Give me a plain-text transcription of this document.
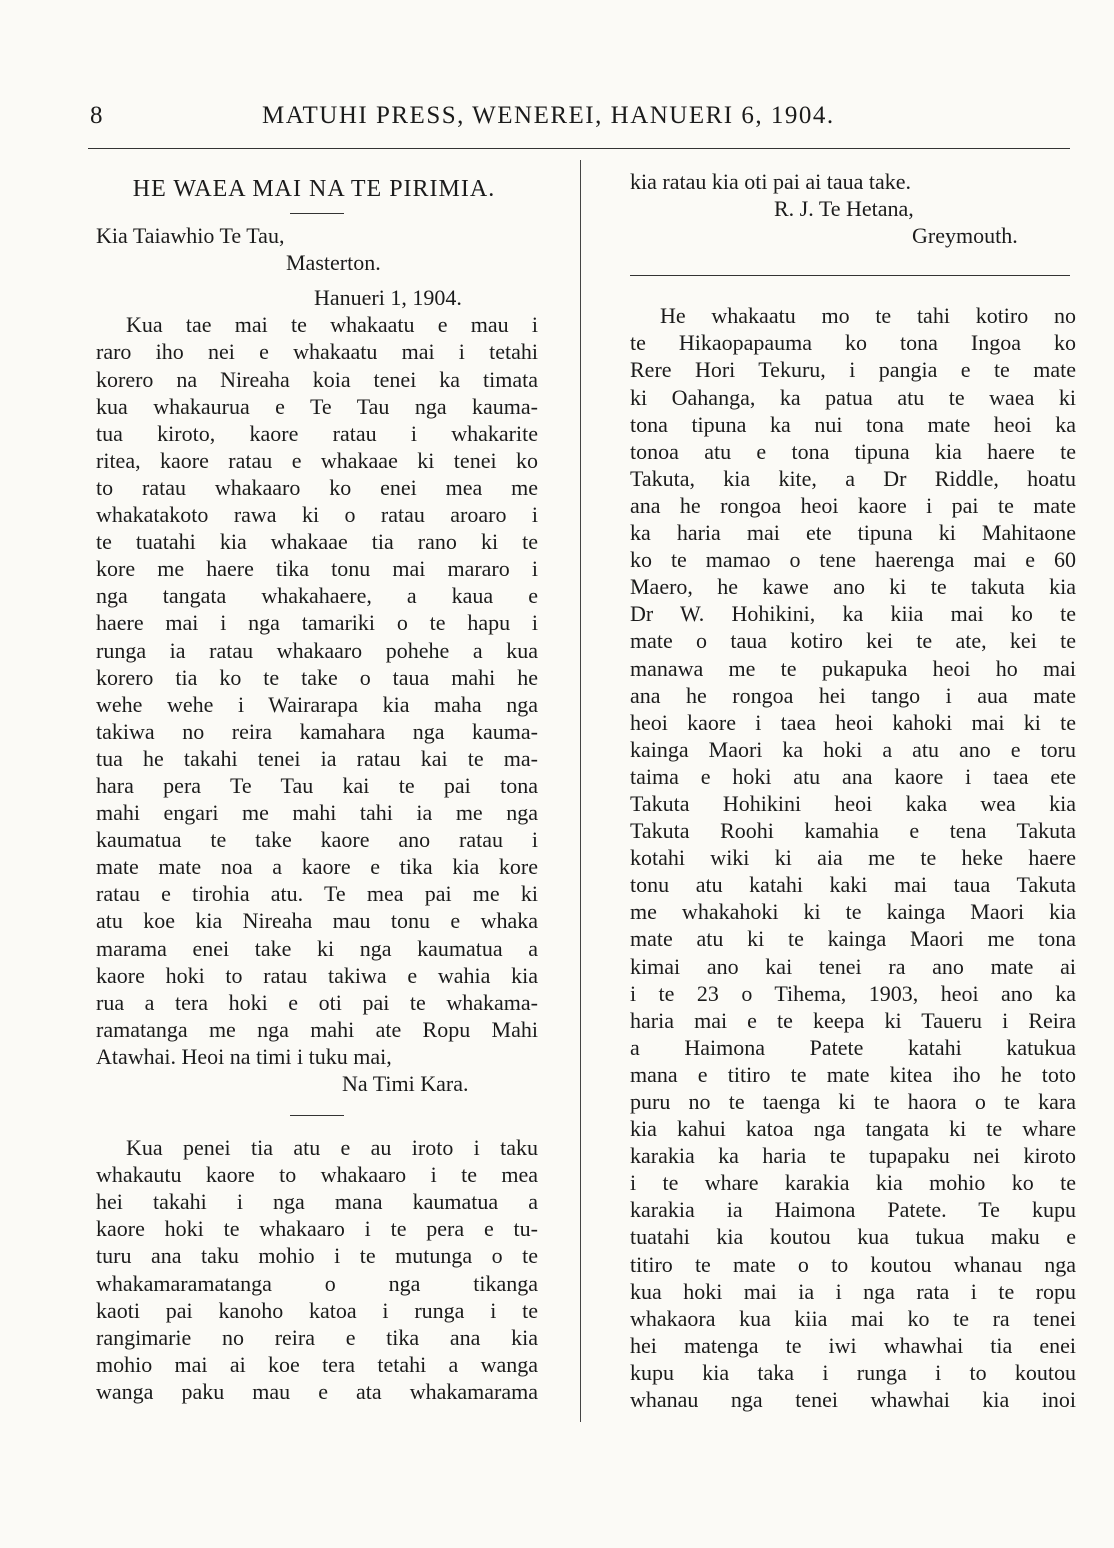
8	MATUHI PRESS, WENEREI, HANUERI 6, 1904.
HE WAEA MAI NA TE PIRIMIA.
Kia Taiawhio Te Tau,
Masterton.
Hanueri 1, 1904.
Kua tae mai te whakaatu e mau i
raro iho nei e whakaatu mai i tetahi
korero na Nireaha koia tenei ka timata
kua whakaurua e Te Tau nga kauma-
tua kiroto, kaore ratau i whakarite
ritea, kaore ratau e whakaae ki tenei ko
to ratau whakaaro ko enei mea me
whakatakoto rawa ki o ratau aroaro i
te tuatahi kia whakaae tia rano ki te
kore me haere tika tonu mai mararo i
nga tangata whakahaere, a kaua e
haere mai i nga tamariki o te hapu i
runga ia ratau whakaaro pohehe a kua
korero tia ko te take o taua mahi he
wehe wehe i Wairarapa kia maha nga
takiwa no reira kamahara nga kauma-
tua he takahi tenei ia ratau kai te ma-
hara pera Te Tau kai te pai tona
mahi engari me mahi tahi ia me nga
kaumatua te take kaore ano ratau i
mate mate noa a kaore e tika kia kore
ratau e tirohia atu. Te mea pai me ki
atu koe kia Nireaha mau tonu e whaka
marama enei take ki nga kaumatua a
kaore hoki to ratau takiwa e wahia kia
rua a tera hoki e oti pai te whakama-
ramatanga me nga mahi ate Ropu Mahi
Atawhai. Heoi na timi i tuku mai,
Na Timi Kara.
Kua penei tia atu e au iroto i taku
whakautu kaore to whakaaro i te mea
hei takahi i nga mana kaumatua a
kaore hoki te whakaaro i te pera e tu-
turu ana taku mohio i te mutunga o te
whakamaramatanga o nga tikanga
kaoti pai kanoho katoa i runga i te
rangimarie no reira e tika ana kia
mohio mai ai koe tera tetahi a wanga
wanga paku mau e ata whakamarama
kia ratau kia oti pai ai taua take.
R. J. Te Hetana,
Greymouth.
He whakaatu mo te tahi kotiro no
te Hikaopapauma ko tona Ingoa ko
Rere Hori Tekuru, i pangia e te mate
ki Oahanga, ka patua atu te waea ki
tona tipuna ka nui tona mate heoi ka
tonoa atu e tona tipuna kia haere te
Takuta, kia kite, a Dr Riddle, hoatu
ana he rongoa heoi kaore i pai te mate
ka haria mai ete tipuna ki Mahitaone
ko te mamao o tene haerenga mai e 60
Maero, he kawe ano ki te takuta kia
Dr W. Hohikini, ka kiia mai ko te
mate o taua kotiro kei te ate, kei te
manawa me te pukapuka heoi ho mai
ana he rongoa hei tango i aua mate
heoi kaore i taea heoi kahoki mai ki te
kainga Maori ka hoki a atu ano e toru
taima e hoki atu ana kaore i taea ete
Takuta Hohikini heoi kaka wea kia
Takuta Roohi kamahia e tena Takuta
kotahi wiki ki aia me te heke haere
tonu atu katahi kaki mai taua Takuta
me whakahoki ki te kainga Maori kia
mate atu ki te kainga Maori me tona
kimai ano kai tenei ra ano mate ai
i te 23 o Tihema, 1903, heoi ano ka
haria mai e te keepa ki Taueru i Reira
a Haimona Patete katahi katukua
mana e titiro te mate kitea iho he toto
puru no te taenga ki te haora o te kara
kia kahui katoa nga tangata ki te whare
karakia ka haria te tupapaku nei kiroto
i te whare karakia kia mohio ko te
karakia ia Haimona Patete. Te kupu
tuatahi kia koutou kua tukua maku e
titiro te mate o to koutou whanau nga
kua hoki mai ia i nga rata i te ropu
whakaora kua kiia mai ko te ra tenei
hei matenga te iwi whawhai tia enei
kupu kia taka i runga i to koutou
whanau nga tenei whawhai kia inoi
